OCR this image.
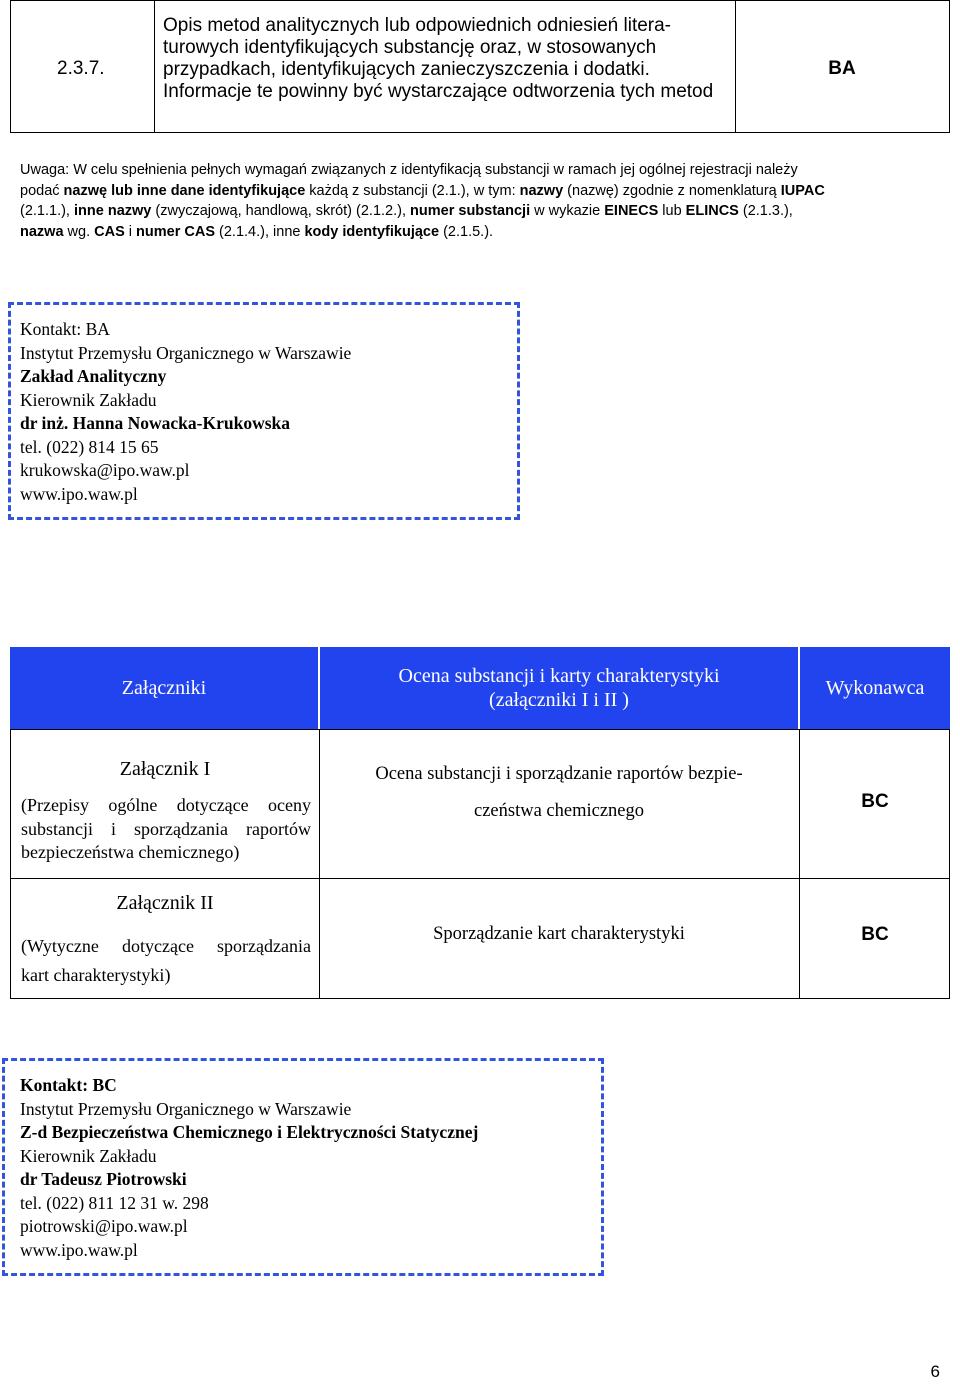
2.3.7.
Opis metod analitycznych lub odpowiednich odniesień litera-
turowych identyfikujących substancję oraz, w stosowanych
przypadkach, identyfikujących zanieczyszczenia i dodatki.
Informacje te powinny być wystarczające odtworzenia tych metod
BA
Uwaga: W celu spełnienia pełnych wymagań związanych z identyfikacją substancji w ramach jej ogólnej rejestracji należy
podać nazwę lub inne dane identyfikujące każdą z substancji (2.1.), w tym: nazwy (nazwę) zgodnie z nomenklaturą IUPAC
(2.1.1.), inne nazwy (zwyczajową, handlową, skrót) (2.1.2.), numer substancji w wykazie EINECS lub ELINCS (2.1.3.),
nazwa wg. CAS i numer CAS (2.1.4.), inne kody identyfikujące (2.1.5.).
Kontakt: BA
Instytut Przemysłu Organicznego w Warszawie
Zakład Analityczny
Kierownik Zakładu
dr inż. Hanna Nowacka-Krukowska
tel. (022) 814 15 65
krukowska@ipo.waw.pl
www.ipo.waw.pl
Załączniki
Ocena substancji i karty charakterystyki
(załączniki I i II )
Wykonawca
Załącznik I
(Przepisy ogólne dotyczące oceny
substancji i sporządzania raportów
bezpieczeństwa chemicznego)
Ocena substancji i sporządzanie raportów bezpie-
czeństwa chemicznego	BC
Załącznik II
(Wytyczne dotyczące sporządzania
kart charakterystyki)
Sporządzanie kart charakterystyki	BC
Kontakt: BC
Instytut Przemysłu Organicznego w Warszawie
Z-d Bezpieczeństwa Chemicznego i Elektryczności Statycznej
Kierownik Zakładu
dr Tadeusz Piotrowski
tel. (022) 811 12 31 w. 298
piotrowski@ipo.waw.pl
www.ipo.waw.pl
6
